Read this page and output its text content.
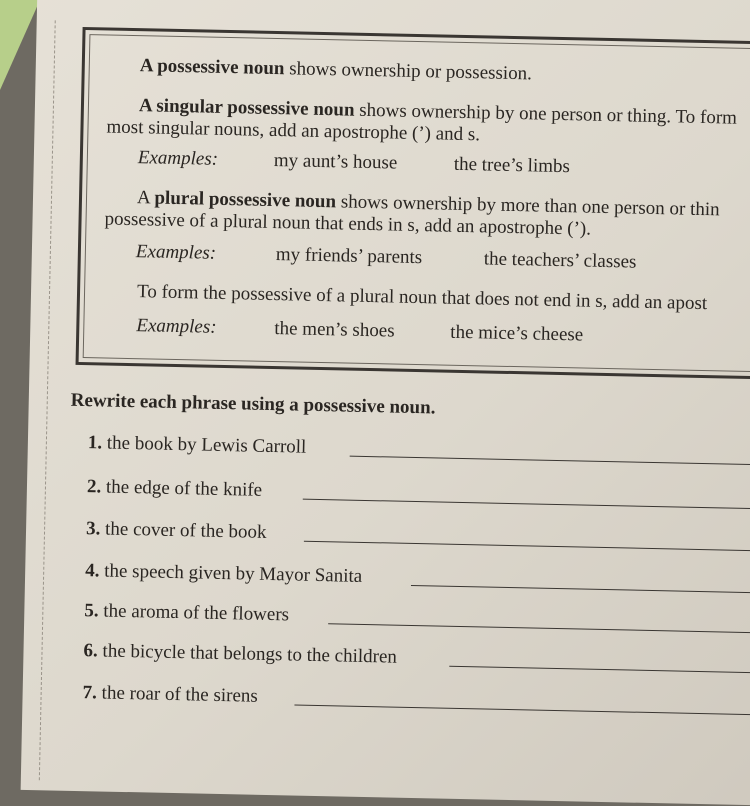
A possessive noun shows ownership or possession.
A singular possessive noun shows ownership by one person or thing. To form
most singular nouns, add an apostrophe (’) and s.
Examples:	my aunt’s house	the tree’s limbs
A plural possessive noun shows ownership by more than one person or thin
possessive of a plural noun that ends in s, add an apostrophe (’).
Examples:	my friends’ parents	the teachers’ classes
To form the possessive of a plural noun that does not end in s, add an apost
Examples:	the men’s shoes	the mice’s cheese
Rewrite each phrase using a possessive noun.
1. the book by Lewis Carroll
2. the edge of the knife
3. the cover of the book
4. the speech given by Mayor Sanita
5. the aroma of the flowers
6. the bicycle that belongs to the children
7. the roar of the sirens
